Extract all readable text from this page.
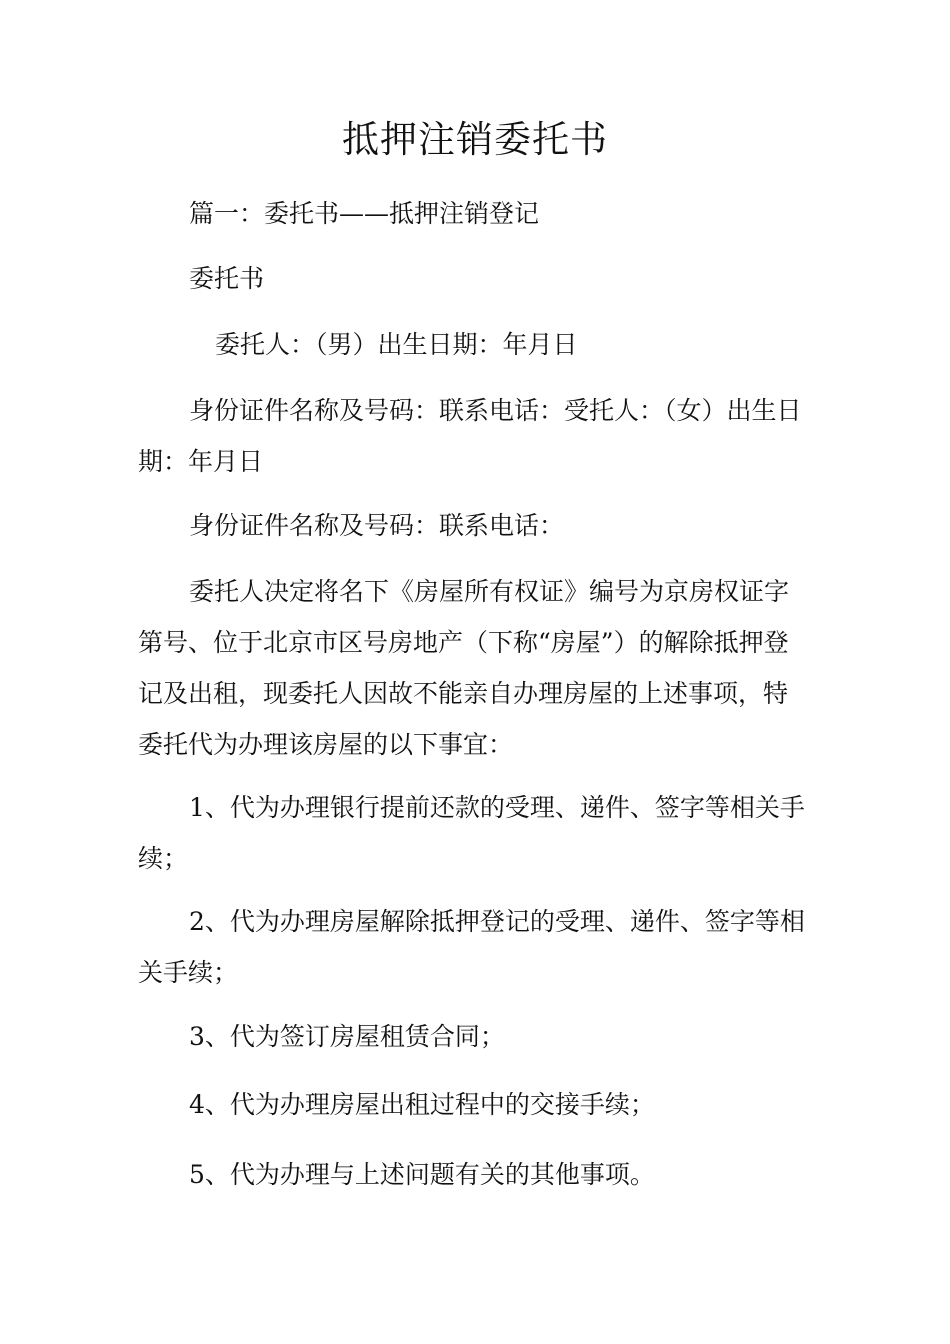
抵押注销委托书
篇一：委托书——抵押注销登记
委托书
委托人：（男）出生日期：年月日
身份证件名称及号码：联系电话：受托人：（女）出生日期：年月日
身份证件名称及号码：联系电话：
委托人决定将名下《房屋所有权证》编号为京房权证字第号、位于北京市区号房地产（下称“房屋”）的解除抵押登记及出租，现委托人因故不能亲自办理房屋的上述事项，特委托代为办理该房屋的以下事宜：
1、代为办理银行提前还款的受理、递件、签字等相关手续；
2、代为办理房屋解除抵押登记的受理、递件、签字等相关手续；
3、代为签订房屋租赁合同；
4、代为办理房屋出租过程中的交接手续；
5、代为办理与上述问题有关的其他事项。
